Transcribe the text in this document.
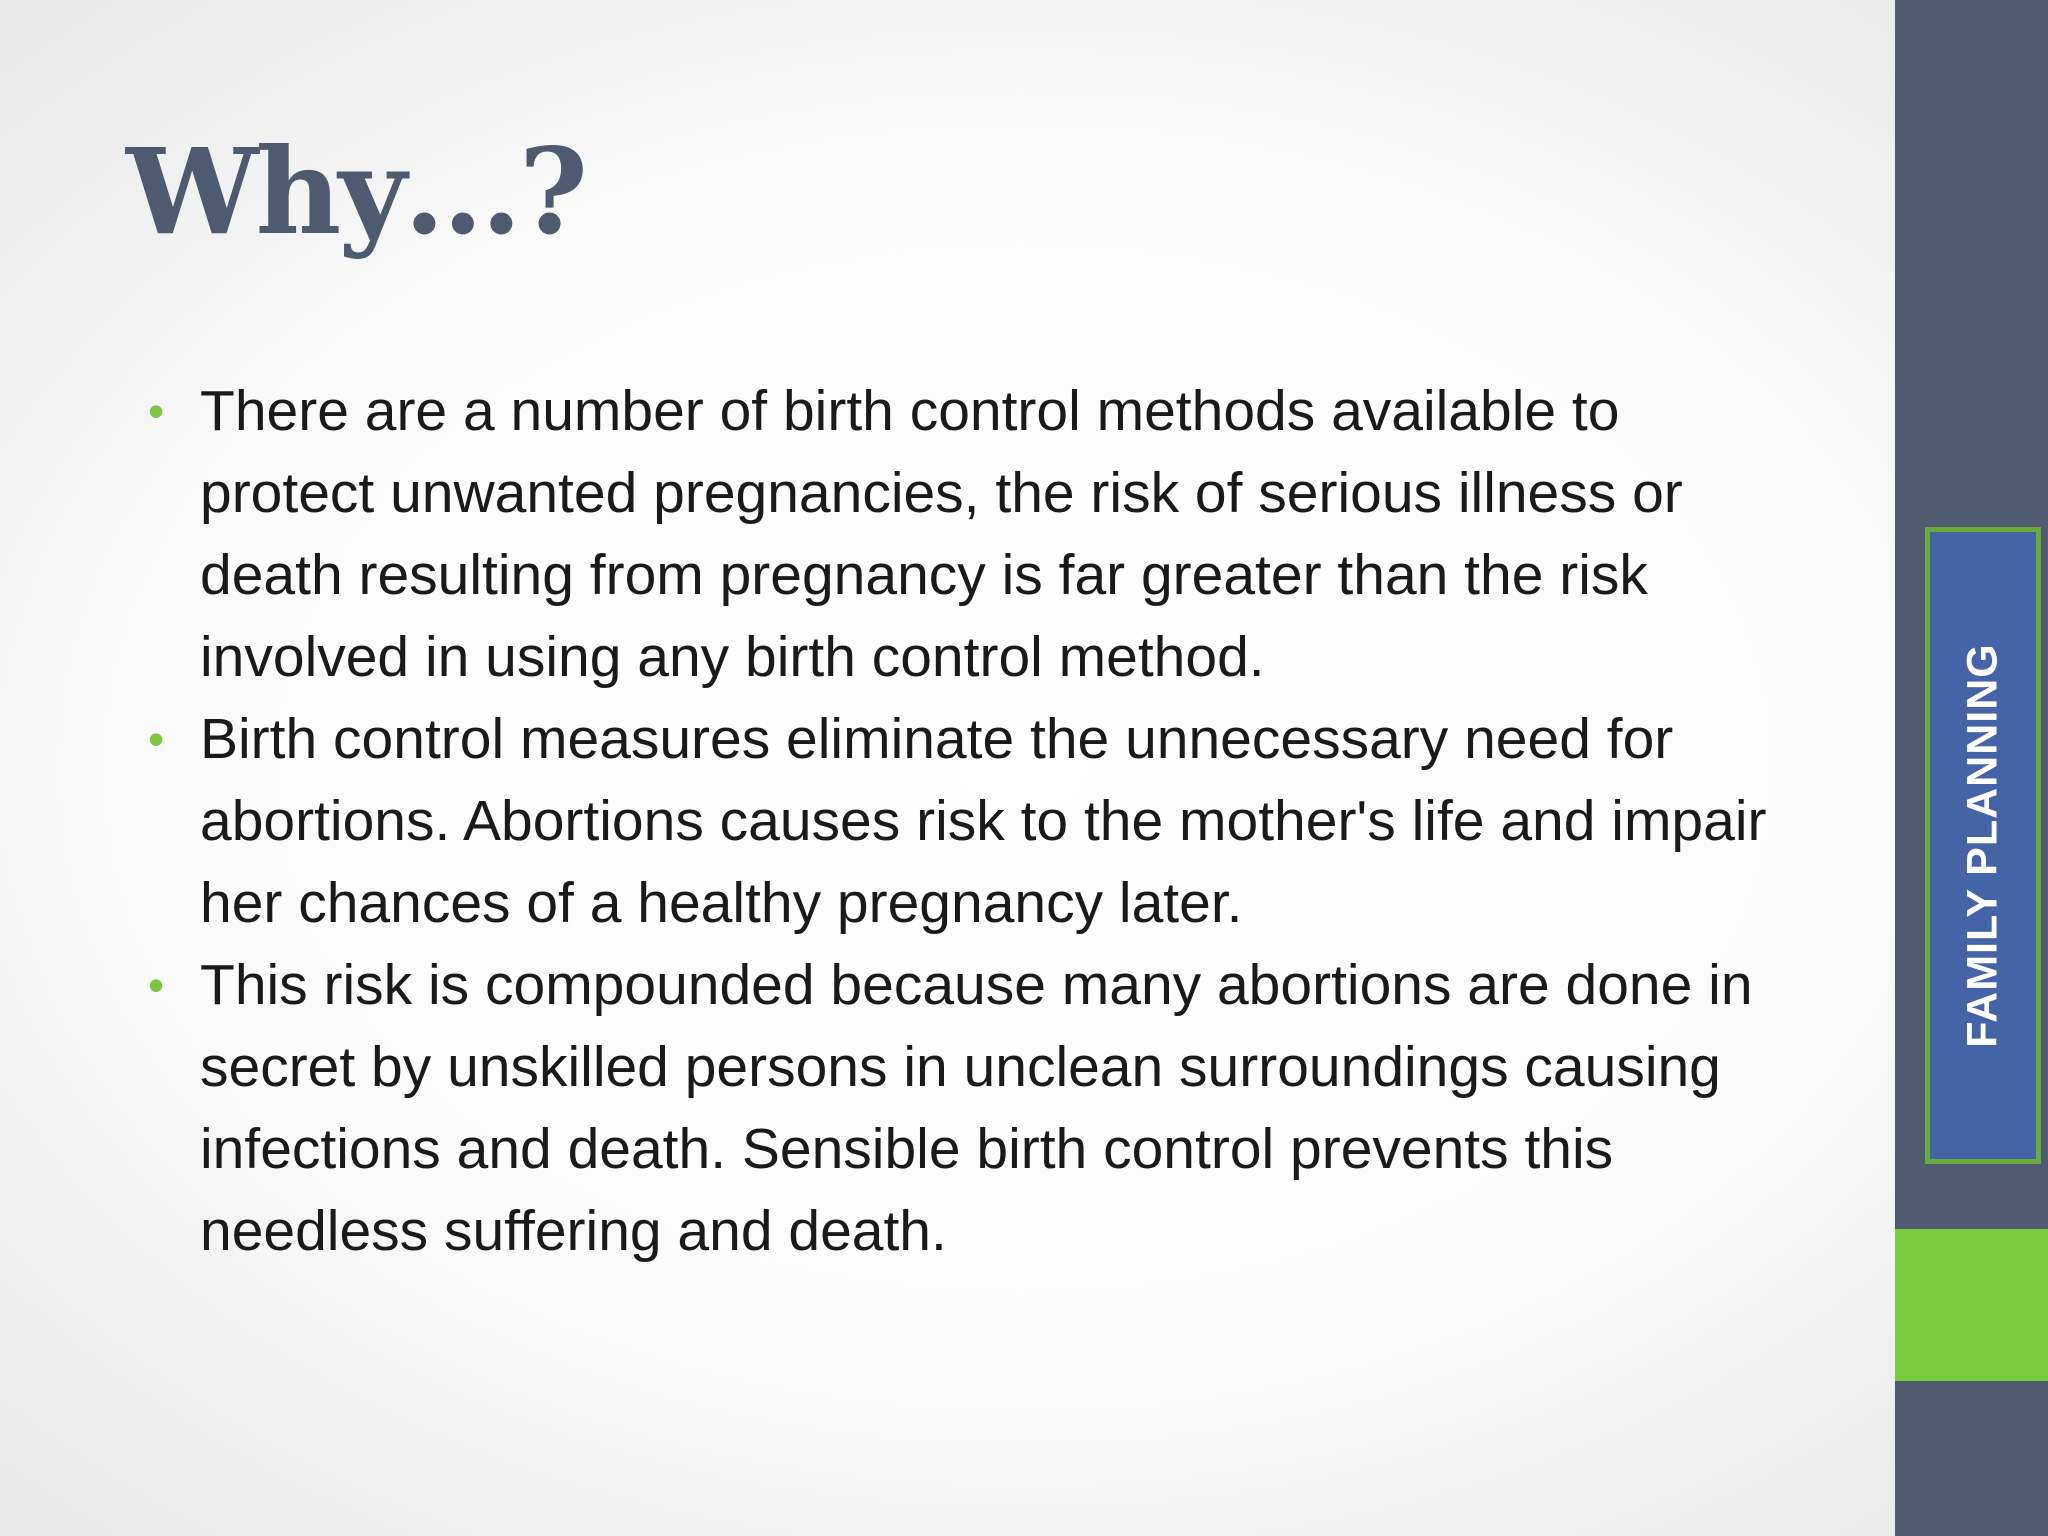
Why…?
• There are a number of birth control methods available to protect unwanted pregnancies, the risk of serious illness or death resulting from pregnancy is far greater than the risk involved in using any birth control method.
• Birth control measures eliminate the unnecessary need for abortions. Abortions causes risk to the mother's life and impair her chances of a healthy pregnancy later.
• This risk is compounded because many abortions are done in secret by unskilled persons in unclean surroundings causing infections and death. Sensible birth control prevents this needless suffering and death.
FAMILY PLANNING
